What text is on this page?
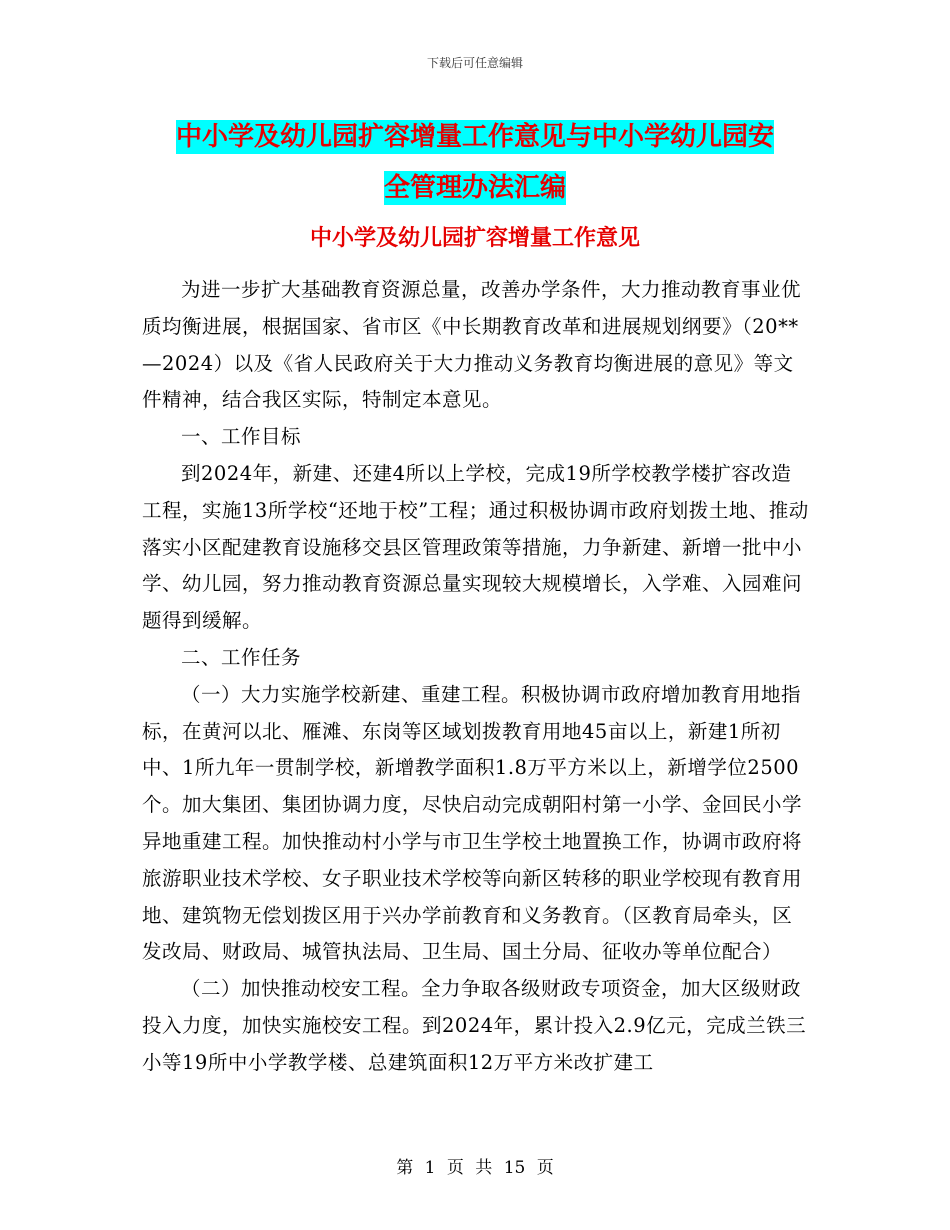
下载后可任意编辑
中小学及幼儿园扩容增量工作意见与中小学幼儿园安
全管理办法汇编
中小学及幼儿园扩容增量工作意见

为进一步扩大基础教育资源总量，改善办学条件，大力推动教育事业优质均衡进展，根据国家、省市区《中长期教育改革和进展规划纲要》（20**—2024）以及《省人民政府关于大力推动义务教育均衡进展的意见》等文件精神，结合我区实际，特制定本意见。

一、工作目标

到2024年，新建、还建4所以上学校，完成19所学校教学楼扩容改造工程，实施13所学校“还地于校”工程；通过积极协调市政府划拨土地、推动落实小区配建教育设施移交县区管理政策等措施，力争新建、新增一批中小学、幼儿园，努力推动教育资源总量实现较大规模增长，入学难、入园难问题得到缓解。

二、工作任务

（一）大力实施学校新建、重建工程。积极协调市政府增加教育用地指标，在黄河以北、雁滩、东岗等区域划拨教育用地45亩以上，新建1所初中、1所九年一贯制学校，新增教学面积1.8万平方米以上，新增学位2500个。加大集团、集团协调力度，尽快启动完成朝阳村第一小学、金回民小学异地重建工程。加快推动村小学与市卫生学校土地置换工作，协调市政府将旅游职业技术学校、女子职业技术学校等向新区转移的职业学校现有教育用地、建筑物无偿划拨区用于兴办学前教育和义务教育。（区教育局牵头，区发改局、财政局、城管执法局、卫生局、国土分局、征收办等单位配合）

（二）加快推动校安工程。全力争取各级财政专项资金，加大区级财政投入力度，加快实施校安工程。到2024年，累计投入2.9亿元，完成兰铁三小等19所中小学教学楼、总建筑面积12万平方米改扩建工

第 1 页 共 15 页
